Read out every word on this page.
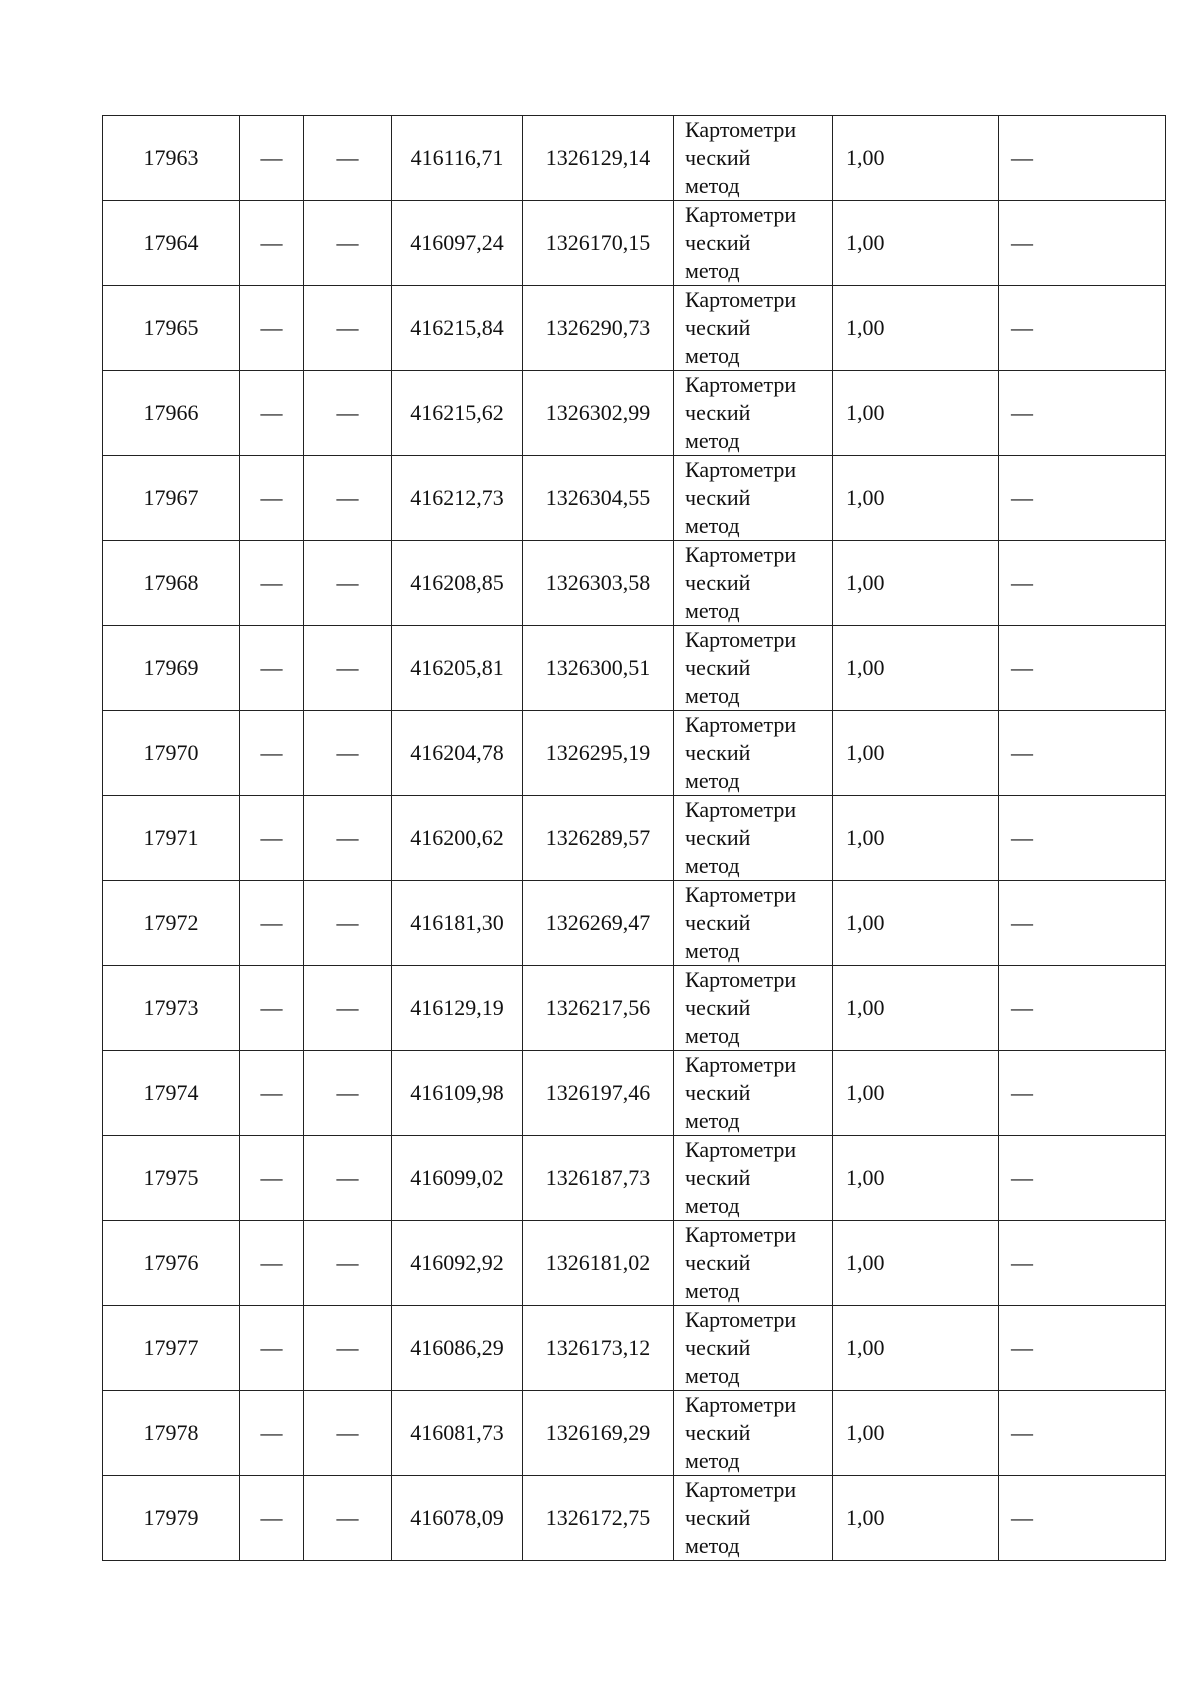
17963	—	—	416116,71	1326129,14	Картометри
ческий
метод	1,00	—
17964	—	—	416097,24	1326170,15	Картометри
ческий
метод	1,00	—
17965	—	—	416215,84	1326290,73	Картометри
ческий
метод	1,00	—
17966	—	—	416215,62	1326302,99	Картометри
ческий
метод	1,00	—
17967	—	—	416212,73	1326304,55	Картометри
ческий
метод	1,00	—
17968	—	—	416208,85	1326303,58	Картометри
ческий
метод	1,00	—
17969	—	—	416205,81	1326300,51	Картометри
ческий
метод	1,00	—
17970	—	—	416204,78	1326295,19	Картометри
ческий
метод	1,00	—
17971	—	—	416200,62	1326289,57	Картометри
ческий
метод	1,00	—
17972	—	—	416181,30	1326269,47	Картометри
ческий
метод	1,00	—
17973	—	—	416129,19	1326217,56	Картометри
ческий
метод	1,00	—
17974	—	—	416109,98	1326197,46	Картометри
ческий
метод	1,00	—
17975	—	—	416099,02	1326187,73	Картометри
ческий
метод	1,00	—
17976	—	—	416092,92	1326181,02	Картометри
ческий
метод	1,00	—
17977	—	—	416086,29	1326173,12	Картометри
ческий
метод	1,00	—
17978	—	—	416081,73	1326169,29	Картометри
ческий
метод	1,00	—
17979	—	—	416078,09	1326172,75	Картометри
ческий
метод	1,00	—
